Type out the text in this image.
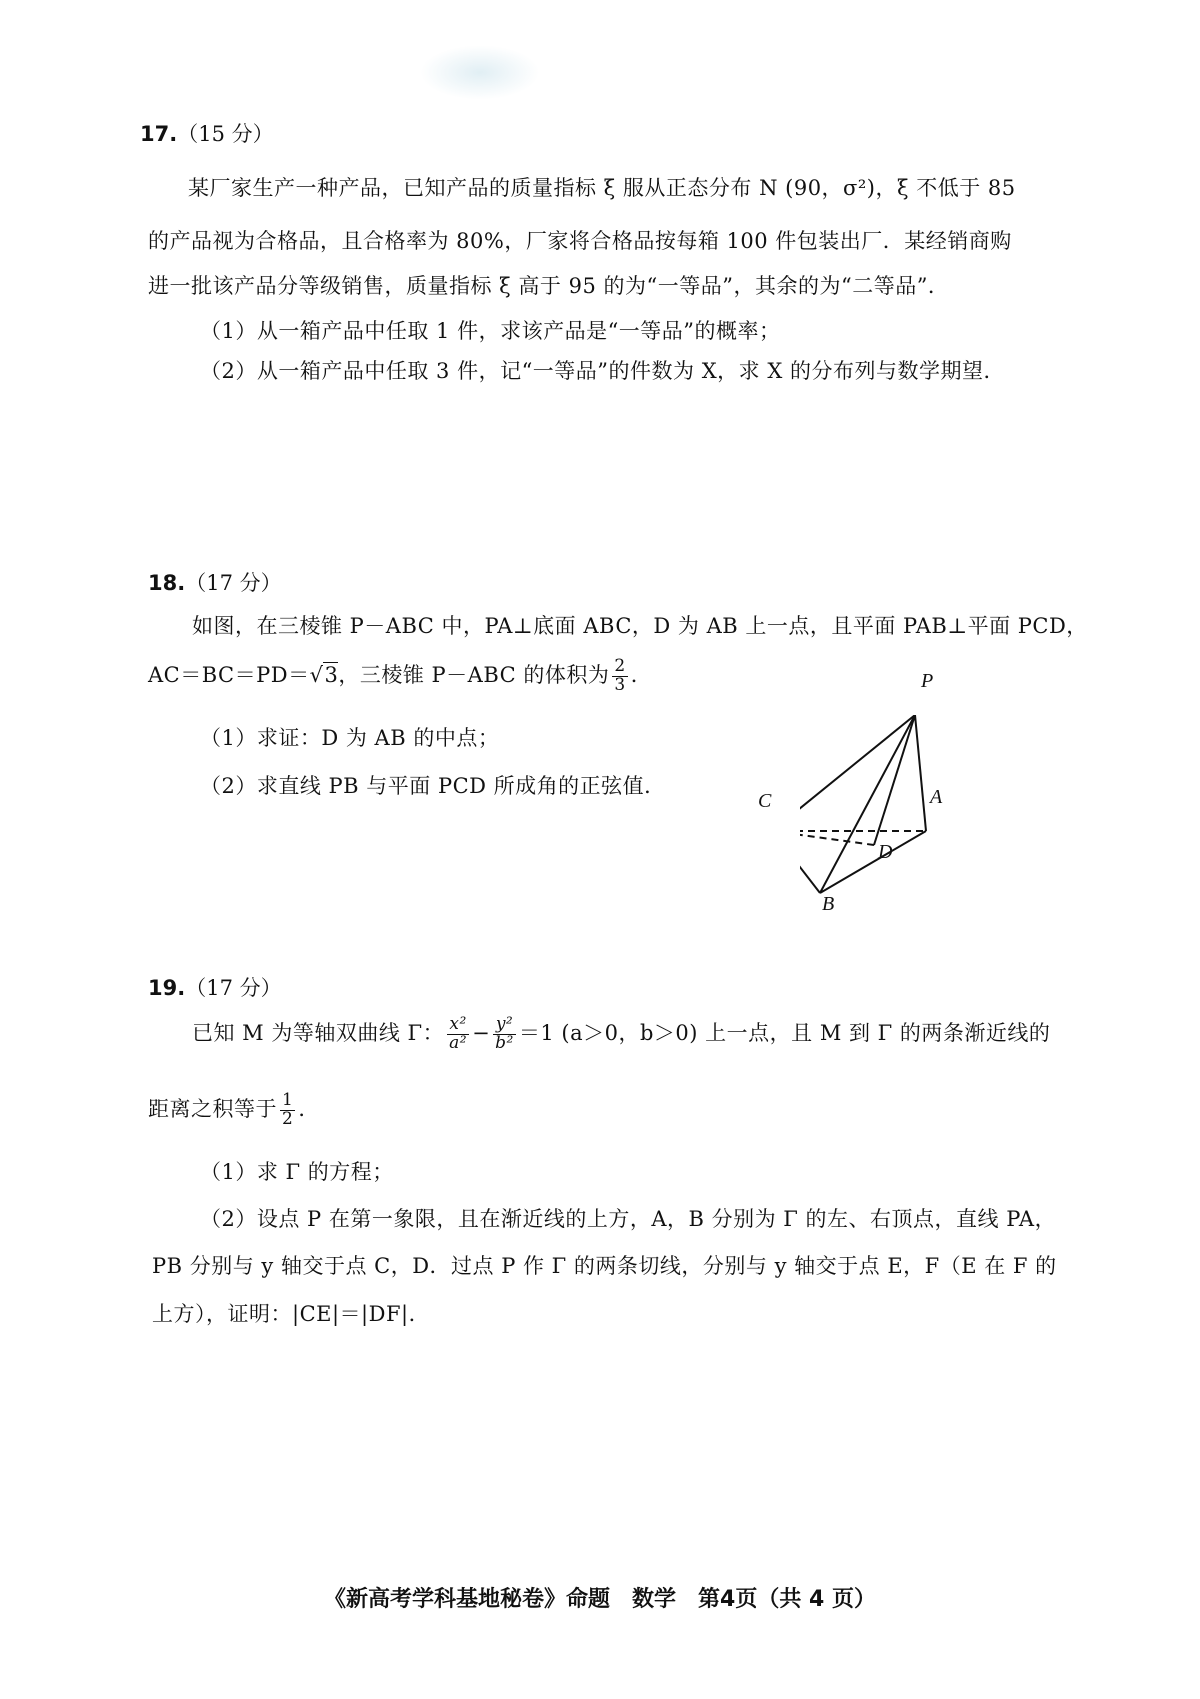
17.（15 分）
某厂家生产一种产品，已知产品的质量指标 ξ 服从正态分布 N (90，σ²)，ξ 不低于 85
的产品视为合格品，且合格率为 80%，厂家将合格品按每箱 100 件包装出厂．某经销商购
进一批该产品分等级销售，质量指标 ξ 高于 95 的为“一等品”，其余的为“二等品”．
（1）从一箱产品中任取 1 件，求该产品是“一等品”的概率；
（2）从一箱产品中任取 3 件，记“一等品”的件数为 X，求 X 的分布列与数学期望．
18.（17 分）
如图，在三棱锥 P－ABC 中，PA⊥底面 ABC，D 为 AB 上一点，且平面 PAB⊥平面 PCD，
AC＝BC＝PD＝√3，三棱锥 P－ABC 的体积为 $\frac{2}{3}$ ．
（1）求证：D 为 AB 的中点；
（2）求直线 PB 与平面 PCD 所成角的正弦值．
P
C	A
D
B
19.（17 分）
已知 M 为等轴双曲线 Γ： $\frac{\text{x²}}{\text{a²}} - \frac{\text{y²}}{\text{b²}} =1$ (a＞0，b＞0) 上一点，且 M 到 Γ 的两条渐近线的
距离之积等于 $\frac{1}{2}$ ．
（1）求 Γ 的方程；
（2）设点 P 在第一象限，且在渐近线的上方，A，B 分别为 Γ 的左、右顶点，直线 PA，
PB 分别与 y 轴交于点 C，D．过点 P 作 Γ 的两条切线，分别与 y 轴交于点 E，F（E 在 F 的
上方），证明：|CE|＝|DF|．
《新高考学科基地秘卷》命题　数学　第4页（共 4 页）
